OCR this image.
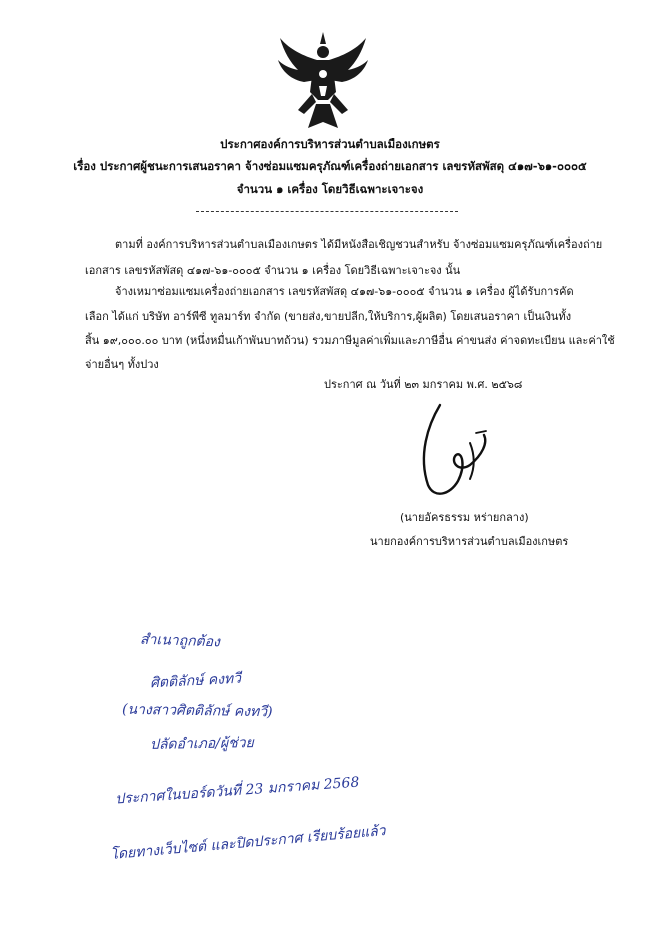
ประกาศองค์การบริหารส่วนตำบลเมืองเกษตร
เรื่อง ประกาศผู้ชนะการเสนอราคา จ้างซ่อมแซมครุภัณฑ์เครื่องถ่ายเอกสาร เลขรหัสพัสดุ ๔๑๗-๖๑-๐๐๐๕
จำนวน ๑ เครื่อง โดยวิธีเฉพาะเจาะจง
ตามที่ องค์การบริหารส่วนตำบลเมืองเกษตร ได้มีหนังสือเชิญชวนสำหรับ จ้างซ่อมแซมครุภัณฑ์เครื่องถ่าย
เอกสาร เลขรหัสพัสดุ ๔๑๗-๖๑-๐๐๐๕ จำนวน ๑ เครื่อง โดยวิธีเฉพาะเจาะจง นั้น
จ้างเหมาซ่อมแซมเครื่องถ่ายเอกสาร เลขรหัสพัสดุ ๔๑๗-๖๑-๐๐๐๕ จำนวน ๑ เครื่อง ผู้ได้รับการคัด
เลือก ได้แก่ บริษัท อาร์พีซี ทูลมาร์ท จำกัด (ขายส่ง,ขายปลีก,ให้บริการ,ผู้ผลิต) โดยเสนอราคา เป็นเงินทั้ง
สิ้น ๑๙,๐๐๐.๐๐ บาท (หนึ่งหมื่นเก้าพันบาทถ้วน) รวมภาษีมูลค่าเพิ่มและภาษีอื่น ค่าขนส่ง ค่าจดทะเบียน และค่าใช้
จ่ายอื่นๆ ทั้งปวง
ประกาศ ณ วันที่ ๒๓ มกราคม พ.ศ. ๒๕๖๘
(นายอัครธรรม หร่ายกลาง)
นายกองค์การบริหารส่วนตำบลเมืองเกษตร
สำเนาถูกต้อง
ศิตติลักษ์ คงทวี
(นางสาวศิตติลักษ์ คงทวี)
ปลัดอำเภอ/ผู้ช่วย
ประกาศในบอร์ดวันที่ 23 มกราคม 2568
โดยทางเว็บไซต์ และปิดประกาศ เรียบร้อยแล้ว
